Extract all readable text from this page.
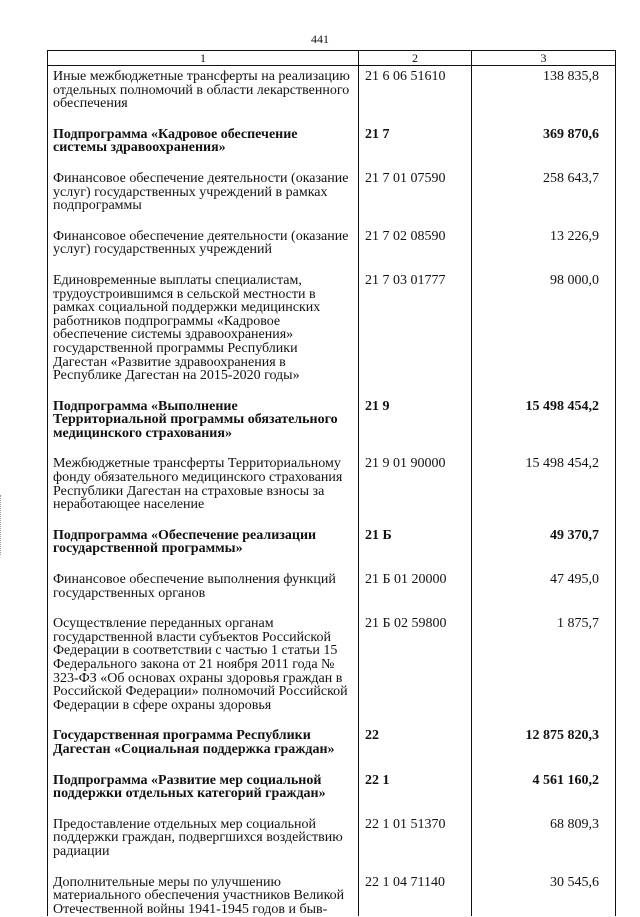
441
1	2	3
Иные межбюджетные трансферты на реализацию отдельных полномочий в области лекарственного обеспечения	21 6 06 51610	138 835,8
Подпрограмма «Кадровое обеспечение системы здравоохранения»	21 7	369 870,6
Финансовое обеспечение деятельности (оказание услуг) государственных учреждений в рамках подпрограммы	21 7 01 07590	258 643,7
Финансовое обеспечение деятельности (оказание услуг) государственных учреждений	21 7 02 08590	13 226,9
Единовременные выплаты специалистам, трудоустроившимся в сельской местности в рамках социальной поддержки медицинских работников подпрограммы «Кадровое обеспечение системы здравоохранения» государственной программы Республики Дагестан «Развитие здравоохранения в Республике Дагестан на 2015-2020 годы»	21 7 03 01777	98 000,0
Подпрограмма «Выполнение Территориальной программы обязательного медицинского страхования»	21 9	15 498 454,2
Межбюджетные трансферты Территориальному фонду обязательного медицинского страхования Республики Дагестан на страховые взносы за неработающее население	21 9 01 90000	15 498 454,2
Подпрограмма «Обеспечение реализации государственной программы»	21 Б	49 370,7
Финансовое обеспечение выполнения функций государственных органов	21 Б 01 20000	47 495,0
Осуществление переданных органам государственной власти субъектов Российской Федерации в соответствии с частью 1 статьи 15 Федерального закона от 21 ноября 2011 года № 323-ФЗ «Об основах охраны здоровья граждан в Российской Федерации» полномочий Российской Федерации в сфере охраны здоровья	21 Б 02 59800	1 875,7
Государственная программа Республики Дагестан «Социальная поддержка граждан»	22	12 875 820,3
Подпрограмма «Развитие мер социальной поддержки отдельных категорий граждан»	22 1	4 561 160,2
Предоставление отдельных мер социальной поддержки граждан, подвергшихся воздействию радиации	22 1 01 51370	68 809,3
Дополнительные меры по улучшению материального обеспечения участников Великой Отечественной войны 1941-1945 годов и быв-	22 1 04 71140	30 545,6
